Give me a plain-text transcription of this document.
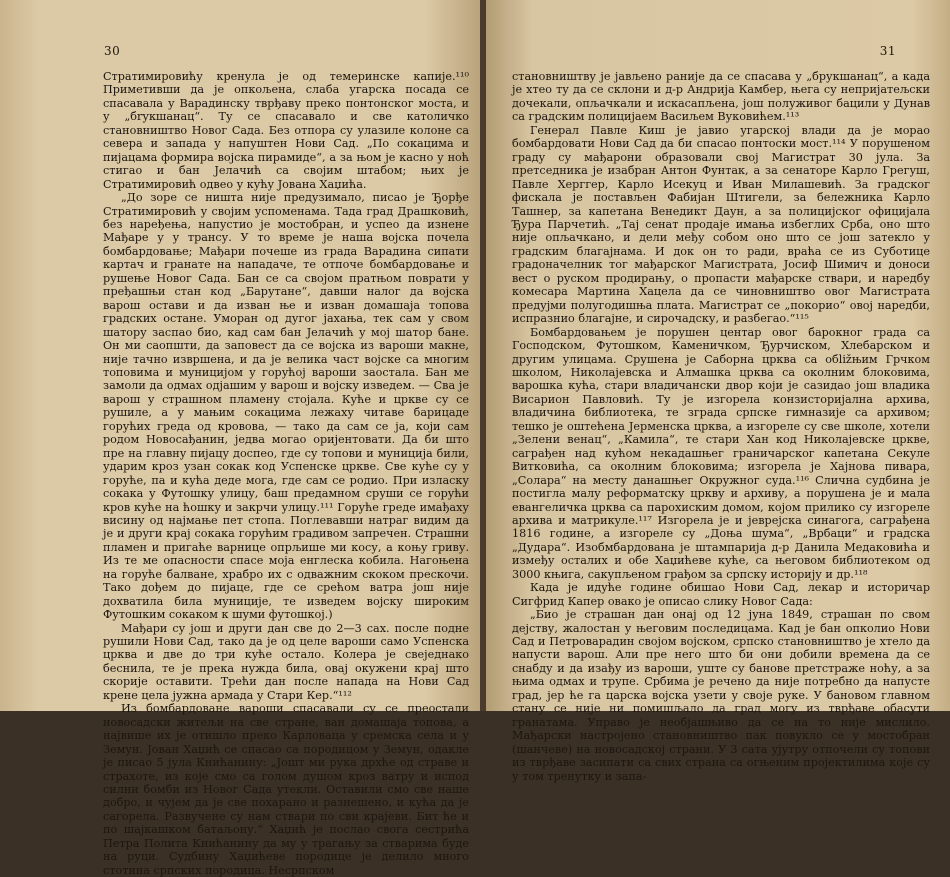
30

Стратимировићу кренула је од темеринске капије.¹¹⁰ Приметивши да је опкољена, слаба угарска посада се спасавала у Варадинску тврђаву преко понтонског моста, и у „бrукшанац“. Ту се спасавало и све католичко становништво Новог Сада. Без отпора су улазиле колоне са севера и запада у напуштен Нови Сад. „По сокацима и пијацама формира војска пирамиде“, а за њом је касно у ноћ стигао и бан Јелачић са својим штабом; њих је Стратимировић одвео у кућу Јована Хаџића.

„До зоре се ништа није предузимало, писао је Ђорђе Стратимировић у својим успоменама. Тада град Драшковић, без наређења, напустио је мостобран, и успео да изнене Мађаре у у трансу. У то време је наша војска почела бомбардовање; Мађари почеше из града Варадина сипати картач и гранате на нападаче, те отпоче бомбардовање и рушење Новог Сада. Бан се са својом пратњом поврати у пређашњи стан код „Барутане“, давши налог да војска варош остави и да изван ње и изван домашаја топова градских остане. Уморан од дугог јахања, тек сам у свом шатору заспао био, кад сам бан Јелачић у мој шатор бане. Он ми саопшти, да заповест да се војска из вароши макне, није тачно извршена, и да је велика част војске са многим топовима и муницијом у горућој вароши заостала. Бан ме замоли да одмах одјашим у варош и војску изведем. — Сва је варош у страшном пламену стојала. Куће и цркве су се рушиле, а у мањим сокацима лежаху читаве барицаде горућих греда од кровова, — тако да сам се ја, који сам родом Новосађанин, једва могао оријентовати. Да би што пре на главну пијацу доспео, где су топови и муниција били, ударим кроз узан сокак код Успенске цркве. Све куће су у горуће, па и кућа деде мога, где сам се родио. При изласку сокака у Футошку улицу, баш предамном сруши се горући кров куће на ћошку и закрчи улицу.¹¹¹ Горуће греде имађаху висину од најмање пет стопа. Поглевавши натраг видим да је и други крај сокака горућим градивом запречен. Страшни пламен и пригаће варнице опрљише ми косу, а коњу гриву. Из те ме опасности спасе моја енглеска кобила. Нагоњена на горуће балване, храбро их с одважним скоком прескочи. Тако дођем до пијаце, где се срећом ватра још није дохватила била муниције, те изведем војску широким Футошким сокаком к шуми футошкој.)

Мађари су још и други дан све до 2—3 сах. после подне рушили Нови Сад, тако да је од целе вароши само Успенска црква и две до три куће остало. Колера је свеједнако беснила, те је прека нужда била, овај окужени крај што скорије оставити. Трећи дан после напада на Нови Сад крене цела јужна армада у Стари Кер.“¹¹²

Из бомбардоване вароши спасавали су се преостали новосадски житељи на све стране, ван домашаја топова, а највише их је отишло преко Карловаца у сремска села и у Земун. Јован Хаџић се спасао са породицом у Земун, одакле је писао 5 јула Книћанину: „Јошт ми рука дрхће од страве и страхоте, из које смо са голом душом кроз ватру и испод силни бомби из Новог Сада утекли. Оставили смо све наше добро, и чујем да је све похарано и разнешено, и кућа да је сагорела. Развучене су нам ствари по сви крајеви. Бит ће и по шајкашком батаљону.“ Хаџић је послао свога сестрића Петра Полита Книћанину да му у трагању за стварима буде на руци. Судбину Хаџићеве породице је делило много стотина српских породица. Несрпском

31

становништву је јављено раније да се спасава у „брукшанац“, а када је хтео ту да се склони и д-р Андрија Камбер, њега су непријатељски дочекали, опљачкали и искасапљена, још полуживог бацили у Дунав са градским полицијаем Васиљем Вуковићем.¹¹³

Генерал Павле Киш је јавио угарској влади да је морао бомбардовати Нови Сад да би спасао понтоски мост.¹¹⁴ У порушеном граду су мађарони образовали свој Магистрат 30 јула. За претседника је изабран Антон Фунтак, а за сенаторе Карло Грегуш, Павле Херггер, Карло Исекуц и Иван Милашевић. За градског фискала је постављен Фабијан Штигели, за бележника Карло Ташнер, за капетана Венедикт Даун, а за полицијског официјала Ђура Парчетић. „Тај сенат продаје имања избеглих Срба, оно што није опљачкано, и дели међу собом оно што се још затекло у градским благајнама. И док он то ради, враћа се из Суботице градоначелник тог мађарског Магистрата, Јосиф Шимич и доноси вест о руском продирању, о пропасти мађарске ствари, и наредбу комесара Мартина Хацела да се чиновништво овог Магистрата предујми полугодишња плата. Магистрат се „покорио“ овој наредби, испразнио благајне, и сирочадску, и разбегао.“¹¹⁵

Бомбардовањем је порушен центар овог барокног града са Господском, Футошком, Каменичком, Ђурчиском, Хлебарском и другим улицама. Срушена је Саборна црква са обližњим Грчком школом, Николајевска и Алмашка црква са околним блоковима, варошка кућа, стари владичански двор који је сазидао још владика Висарион Павловић. Ту је изгорела конзисторијална архива, владичина библиотека, те зграда српске гимназије са архивом; тешко је оштећена Јерменска црква, а изгореле су све школе, хотели „Зелени венац“, „Камила“, те стари Хан код Николајевске цркве, саграђен над кућом некадашњег граничарског капетана Секуле Витковића, са околним блоковима; изгорела је Хајнова пивара, „Солара“ на месту данашњег Окружног суда.¹¹⁶ Слична судбина је постигла малу реформатску цркву и архиву, а порушена је и мала евангеличка црква са парохиским домом, којом прилико су изгореле архива и матрикуле.¹¹⁷ Изгорела је и јеврејска синагога, саграђена 1816 године, а изгореле су „Доња шума“, „Врбаци“ и градска „Дудара“. Изобмбардована је штампарија д-р Данила Медаковића и између осталих и обе Хаџићеве куће, са његовом библиотеком од 3000 књига, сакупљеном грађом за српску историју и др.¹¹⁸

Када је идуће године обишао Нови Сад, лекар и историчар Сигфрид Капер овако је описао слику Новог Сада:

„Био је страшан дан онај од 12 јуна 1849, страшан по свом дејству, жалостан у његовим последицама. Кад је бан опколио Нови Сад и Петроварадин својом војском, српско становништво је хтело да напусти варош. Али пре него што би они добили времена да се снабду и да изађу из вароши, уште су банове претстраже ноћу, а за њима одмах и трупе. Србима је речено да није потребно да напусте град, јер ће га царска војска узети у своје руке. У бановом главном стану се није ни помишљало да град могу из тврђаве обасути гранатама. Управо је необјашњиво да се на то није мислило. Мађарски настројено становништво пак повукло се у мостобран (шанчеве) на новосадској страни. У 3 сата ујутру отпочели су топови из тврђаве засипати са свих страна са огњеним пројектилима које су у том тренутку и запа-
